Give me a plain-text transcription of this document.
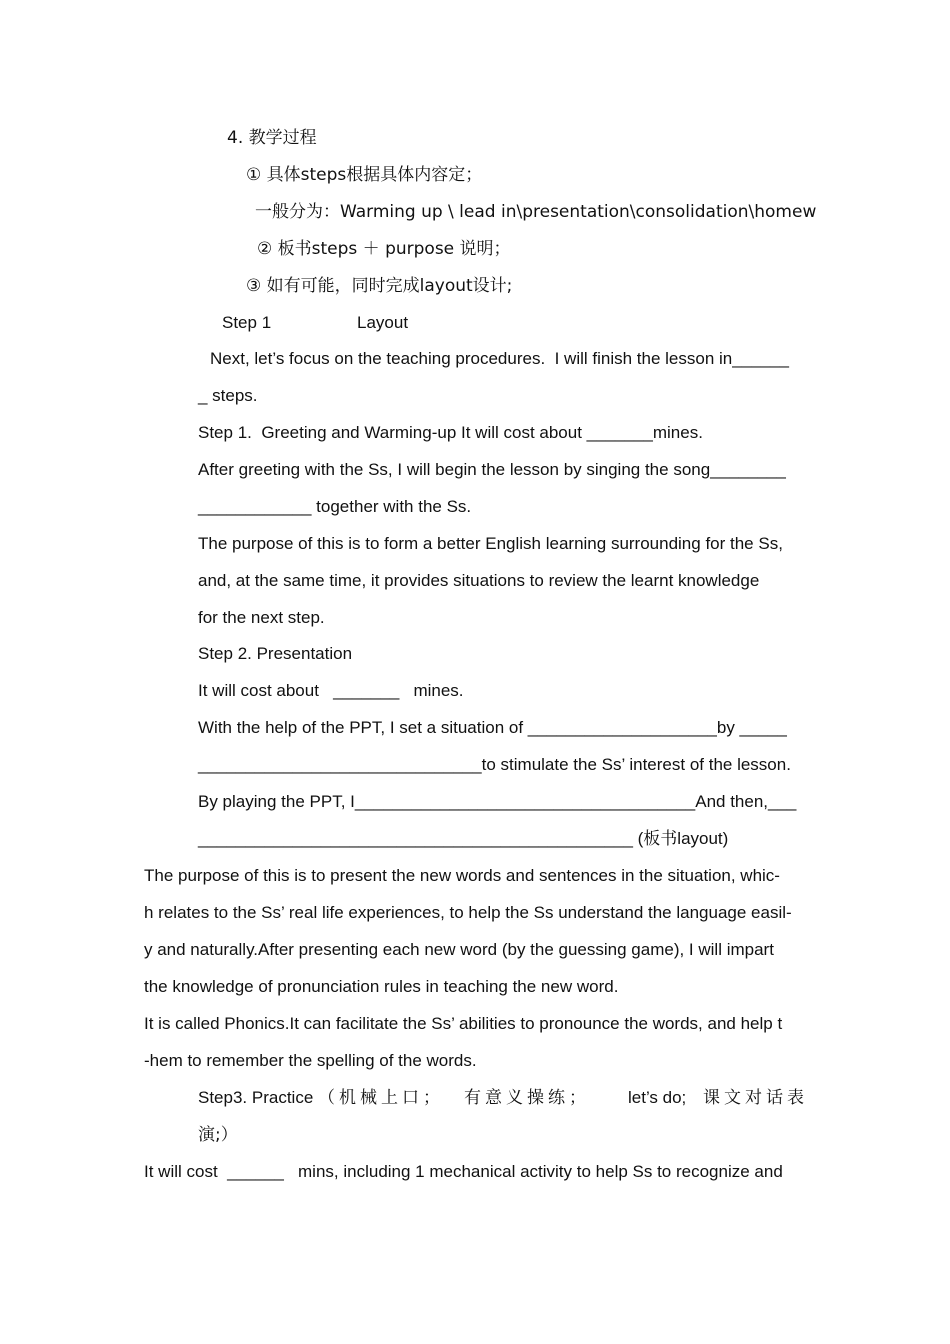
4. 教学过程
① 具体steps根据具体内容定；
一般分为：Warming up \ lead in\presentation\consolidation\homew
② 板书steps ＋ purpose 说明；
③ 如有可能，同时完成layout设计;
Step 1	Layout
Next, let’s focus on the teaching procedures.  I will finish the lesson in______
_ steps.
Step 1.  Greeting and Warming-up It will cost about _______mines.
After greeting with the Ss, I will begin the lesson by singing the song________
____________ together with the Ss.
The purpose of this is to form a better English learning surrounding for the Ss,
and, at the same time, it provides situations to review the learnt knowledge
for the next step.
Step 2. Presentation
It will cost about   _______   mines.
With the help of the PPT, I set a situation of ____________________by _____
______________________________to stimulate the Ss’ interest of the lesson.
By playing the PPT, I____________________________________And then,___
______________________________________________ (板书layout)
The purpose of this is to present the new words and sentences in the situation, whic-
h relates to the Ss’ real life experiences, to help the Ss understand the language easil-
y and naturally.After presenting each new word (by the guessing game), I will impart
the knowledge of pronunciation rules in teaching the new word.
It is called Phonics.It can facilitate the Ss’ abilities to pronounce the words, and help t
-hem to remember the spelling of the words.
Step3. Practice （机械上口； 有意义操练； let’s do; 课文对话表
演;）
It will cost  ______   mins, including 1 mechanical activity to help Ss to recognize and
